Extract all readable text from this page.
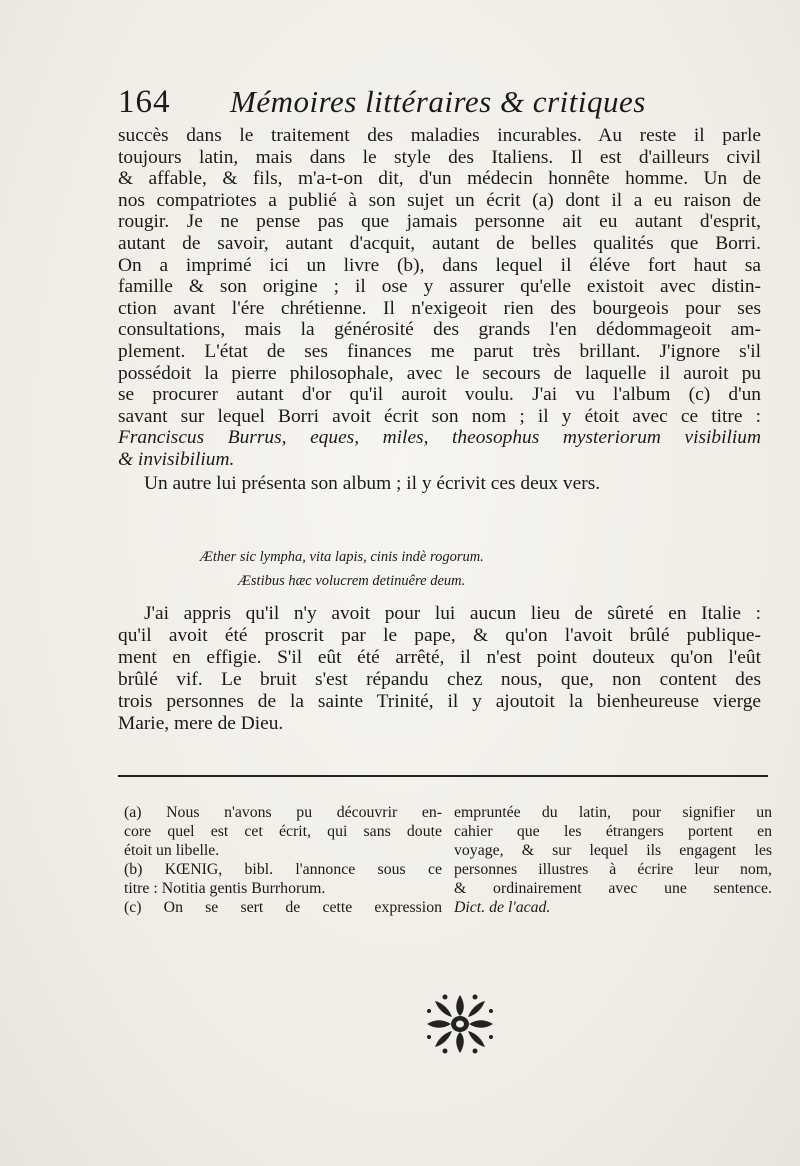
164 Mémoires littéraires & critiques

succès dans le traitement des maladies incurables. Au reste il parle
toujours latin, mais dans le style des Italiens. Il est d'ailleurs civil
& affable, & fils, m'a-t-on dit, d'un médecin honnête homme. Un de
nos compatriotes a publié à son sujet un écrit (a) dont il a eu raison de
rougir. Je ne pense pas que jamais personne ait eu autant d'esprit,
autant de savoir, autant d'acquit, autant de belles qualités que Borri.
On a imprimé ici un livre (b), dans lequel il éléve fort haut sa
famille & son origine ; il ose y assurer qu'elle existoit avec distin-
ction avant l'ére chrétienne. Il n'exigeoit rien des bourgeois pour ses
consultations, mais la générosité des grands l'en dédommageoit am-
plement. L'état de ses finances me parut très brillant. J'ignore s'il
possédoit la pierre philosophale, avec le secours de laquelle il auroit pu
se procurer autant d'or qu'il auroit voulu. J'ai vu l'album (c) d'un
savant sur lequel Borri avoit écrit son nom ; il y étoit avec ce titre :
Franciscus Burrus, eques, miles, theosophus mysteriorum visibilium
& invisibilium.

Un autre lui présenta son album ; il y écrivit ces deux vers.

Æther sic lympha, vita lapis, cinis indè rogorum.
Æstibus hæc volucrem detinuêre deum.
J'ai appris qu'il n'y avoit pour lui aucun lieu de sûreté en Italie :
qu'il avoit été proscrit par le pape, & qu'on l'avoit brûlé publique-
ment en effigie. S'il eût été arrêté, il n'est point douteux qu'on l'eût
brûlé vif. Le bruit s'est répandu chez nous, que, non content des
trois personnes de la sainte Trinité, il y ajoutoit la bienheureuse vierge
Marie, mere de Dieu.
(a) Nous n'avons pu découvrir en-
core quel est cet écrit, qui sans doute
étoit un libelle.
(b) KŒNIG, bibl. l'annonce sous ce
titre : Notitia gentis Burrhorum.
(c) On se sert de cette expression
empruntée du latin, pour signifier un
cahier que les étrangers portent en
voyage, & sur lequel ils engagent les
personnes illustres à écrire leur nom,
& ordinairement avec une sentence.
Dict. de l'acad.
